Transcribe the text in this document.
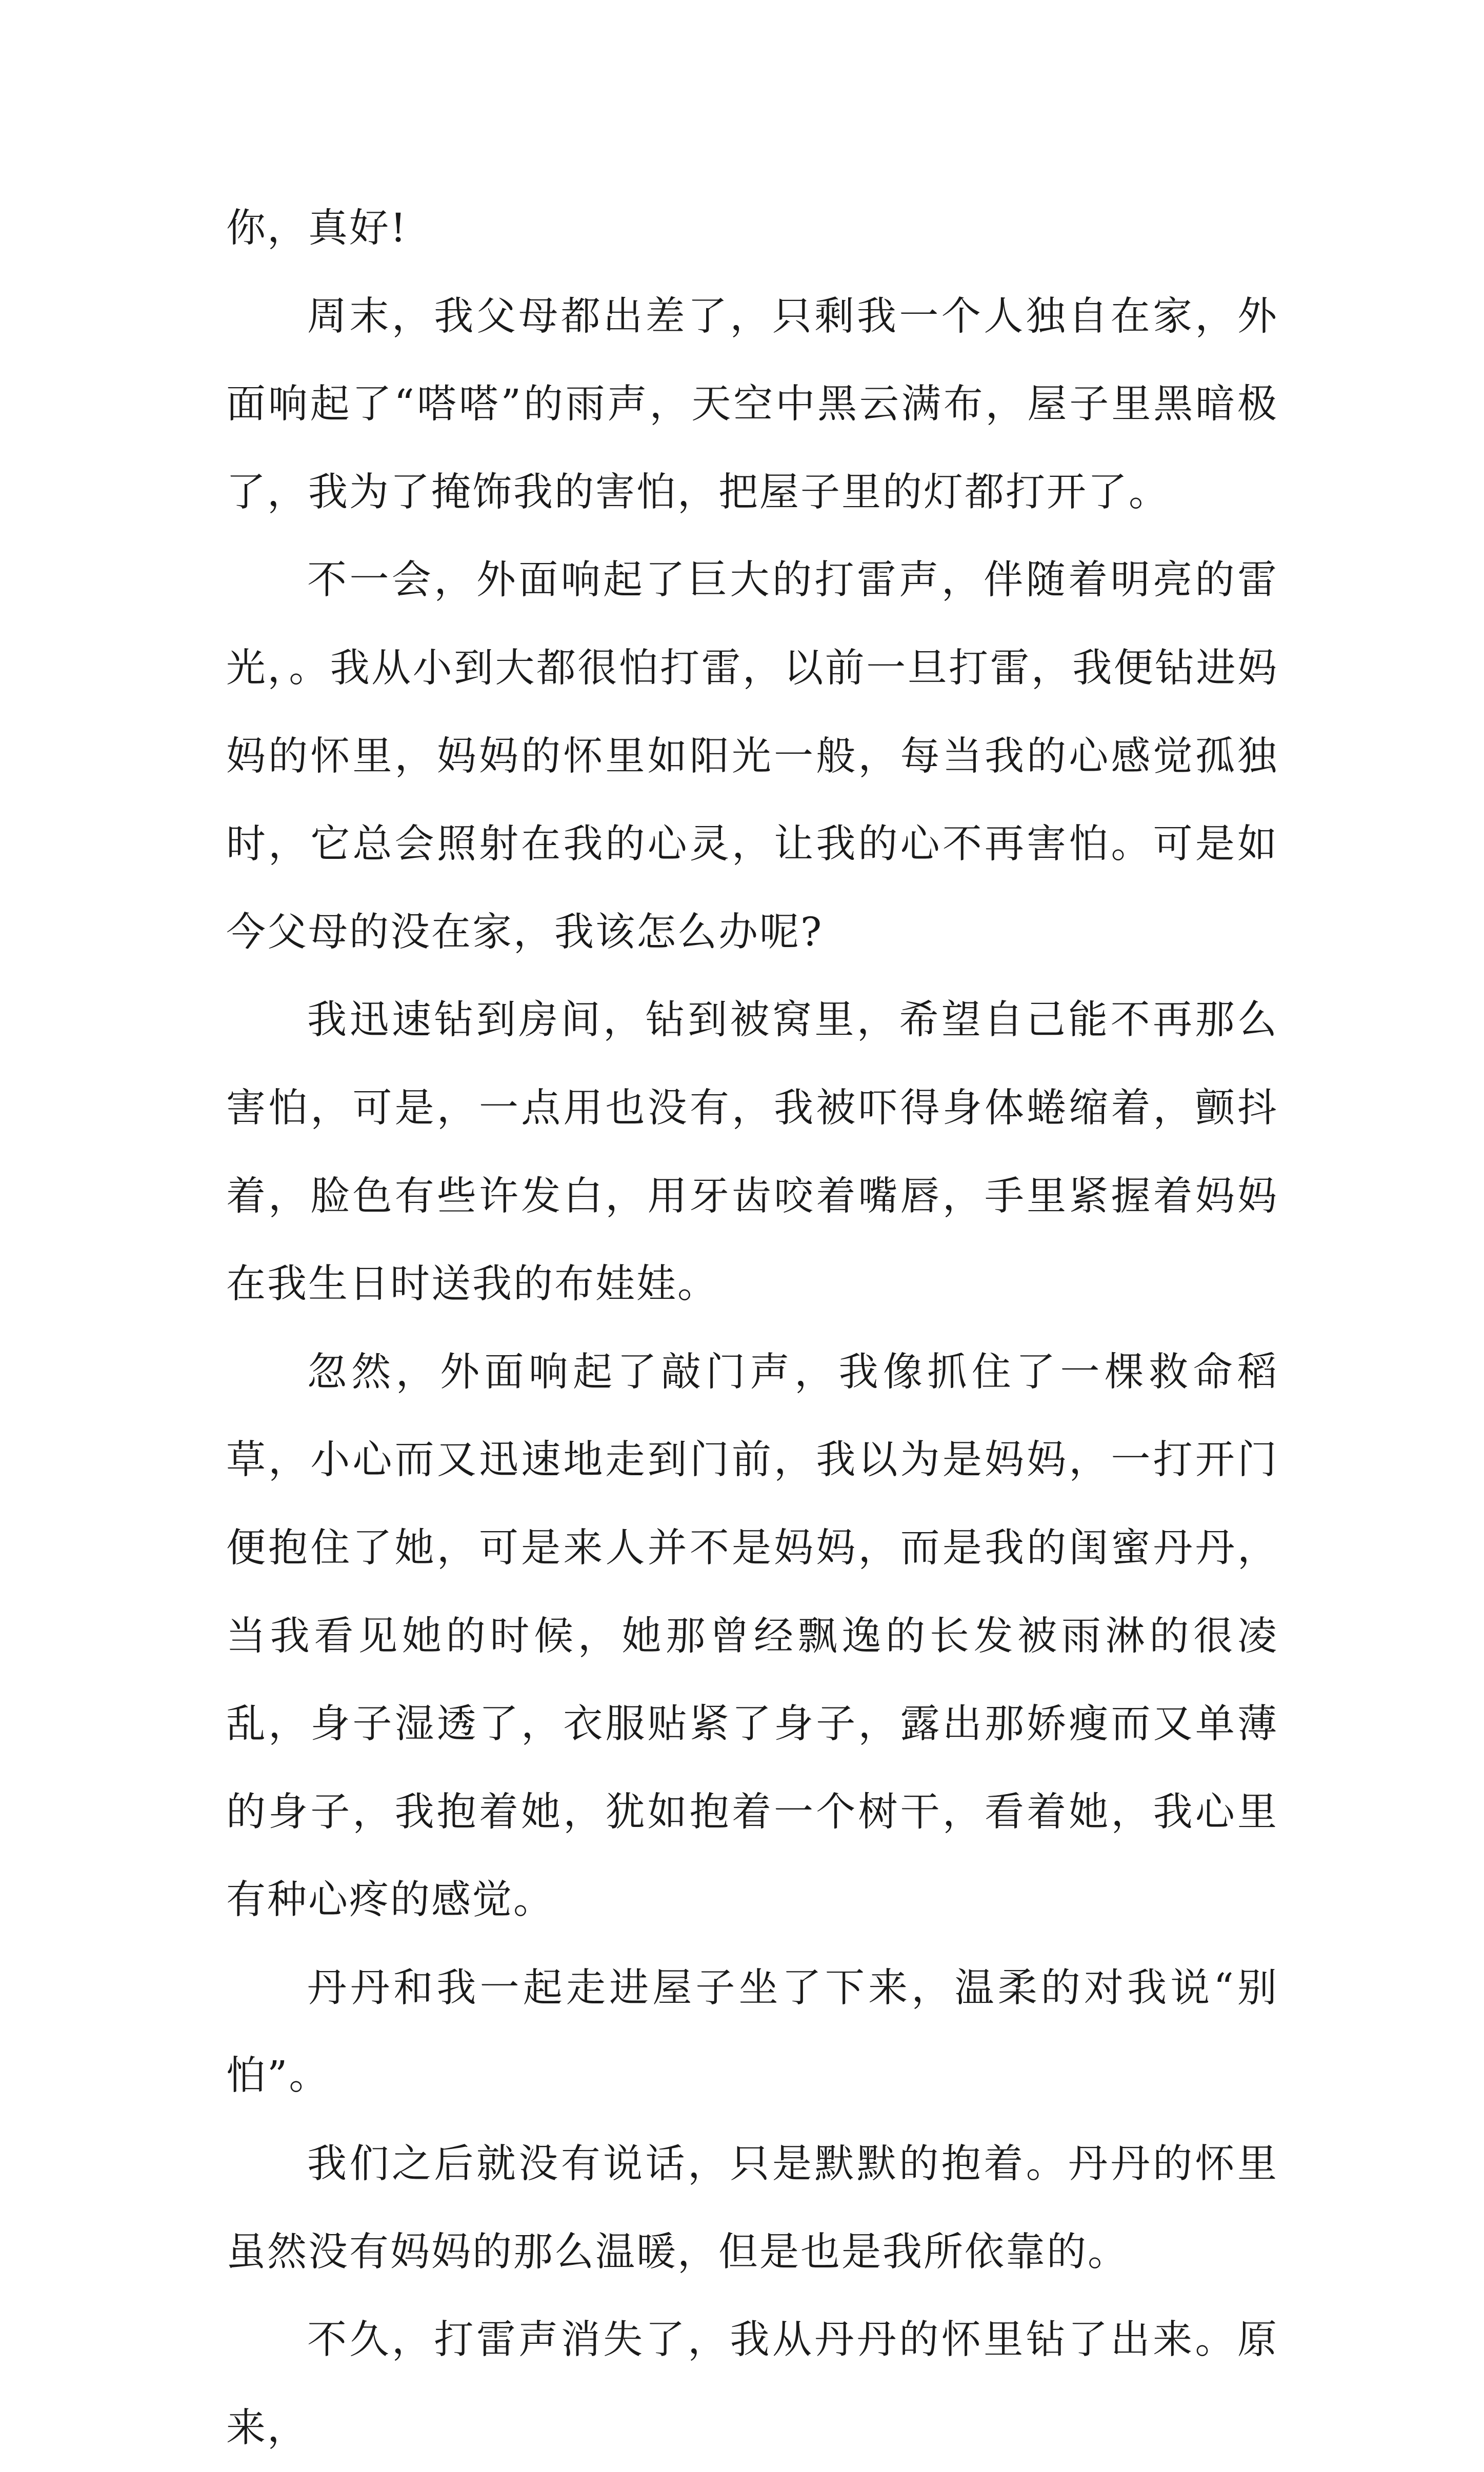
你，真好!

周末，我父母都出差了，只剩我一个人独自在家，外面响起了“嗒嗒”的雨声，天空中黑云满布，屋子里黑暗极了，我为了掩饰我的害怕，把屋子里的灯都打开了。

不一会，外面响起了巨大的打雷声，伴随着明亮的雷光，。我从小到大都很怕打雷，以前一旦打雷，我便钻进妈妈的怀里，妈妈的怀里如阳光一般，每当我的心感觉孤独时，它总会照射在我的心灵，让我的心不再害怕。可是如今父母的没在家，我该怎么办呢?

我迅速钻到房间，钻到被窝里，希望自己能不再那么害怕，可是，一点用也没有，我被吓得身体蜷缩着，颤抖着，脸色有些许发白，用牙齿咬着嘴唇，手里紧握着妈妈在我生日时送我的布娃娃。

忽然，外面响起了敲门声，我像抓住了一棵救命稻草，小心而又迅速地走到门前，我以为是妈妈，一打开门便抱住了她，可是来人并不是妈妈，而是我的闺蜜丹丹，当我看见她的时候，她那曾经飘逸的长发被雨淋的很凌乱，身子湿透了，衣服贴紧了身子，露出那娇瘦而又单薄的身子，我抱着她，犹如抱着一个树干，看着她，我心里有种心疼的感觉。

丹丹和我一起走进屋子坐了下来，温柔的对我说“别怕”。

我们之后就没有说话，只是默默的抱着。丹丹的怀里虽然没有妈妈的那么温暖，但是也是我所依靠的。

不久，打雷声消失了，我从丹丹的怀里钻了出来。原来，
